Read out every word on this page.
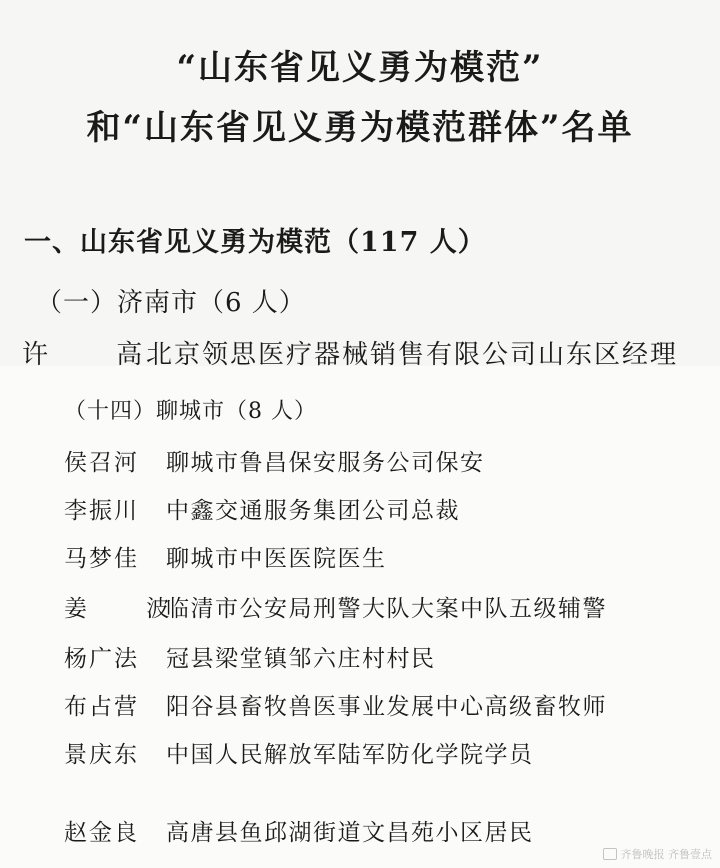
“山东省见义勇为模范”
和“山东省见义勇为模范群体”名单
一、山东省见义勇为模范（117 人）
（一）济南市（6 人）
许 高
北京领思医疗器械销售有限公司山东区经理
（十四）聊城市（8 人）
侯召河 聊城市鲁昌保安服务公司保安
李振川 中鑫交通服务集团公司总裁
马梦佳 聊城市中医医院医生
姜 波
临清市公安局刑警大队大案中队五级辅警
杨广法 冠县梁堂镇邹六庄村村民
布占营 阳谷县畜牧兽医事业发展中心高级畜牧师
景庆东 中国人民解放军陆军防化学院学员
赵金良 高唐县鱼邱湖街道文昌苑小区居民
齐鲁晚报 齐鲁壹点
